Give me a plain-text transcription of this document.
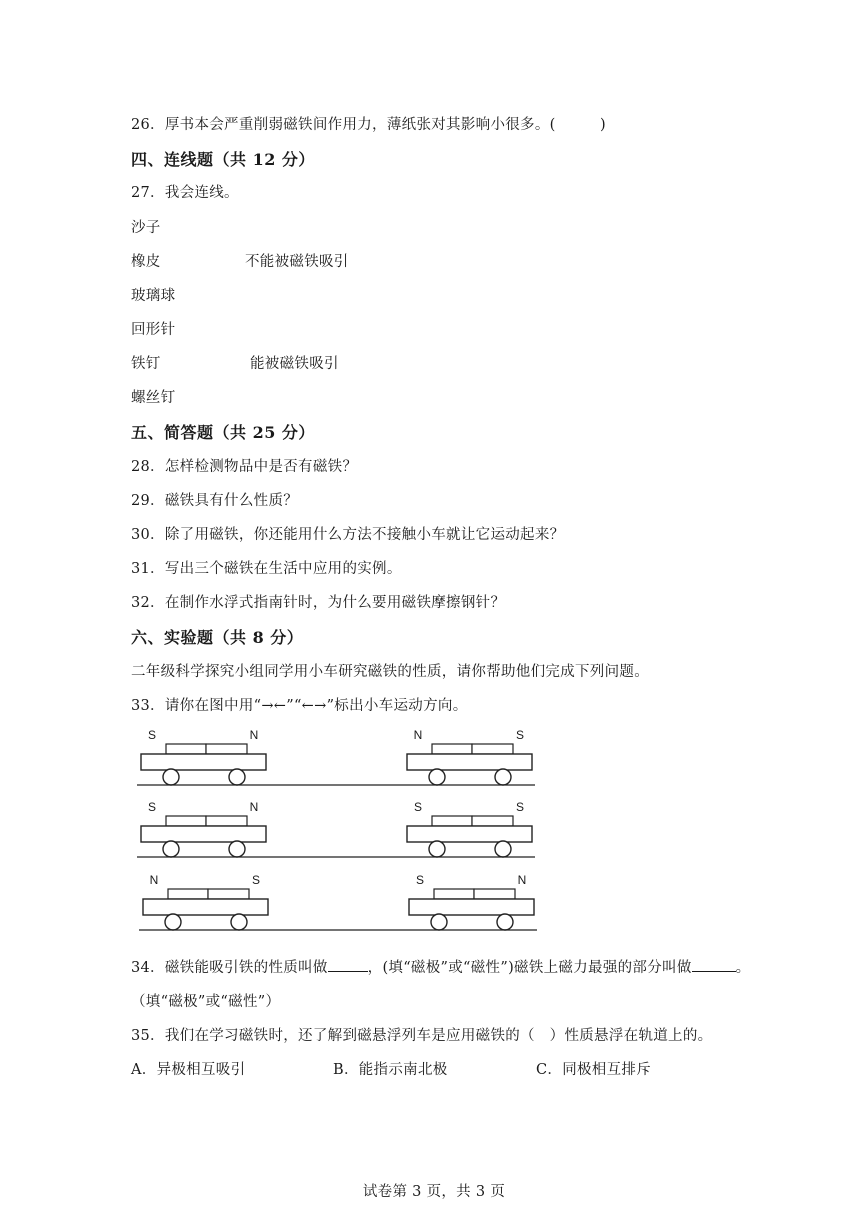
26．厚书本会严重削弱磁铁间作用力，薄纸张对其影响小很多。(　　　)
四、连线题（共 12 分）
27．我会连线。
沙子
橡皮	不能被磁铁吸引
玻璃球
回形针
铁钉	能被磁铁吸引
螺丝钉
五、简答题（共 25 分）
28．怎样检测物品中是否有磁铁？
29．磁铁具有什么性质？
30．除了用磁铁，你还能用什么方法不接触小车就让它运动起来？
31．写出三个磁铁在生活中应用的实例。
32．在制作水浮式指南针时，为什么要用磁铁摩擦钢针？
六、实验题（共 8 分）
二年级科学探究小组同学用小车研究磁铁的性质，请你帮助他们完成下列问题。
33．请你在图中用“→←”“←→”标出小车运动方向。
S	N	N	S
S	N	S	S
N	S	S	N
34．磁铁能吸引铁的性质叫做	，(填“磁极”或“磁性”)磁铁上磁力最强的部分叫做	。
（填“磁极”或“磁性”）
35．我们在学习磁铁时，还了解到磁悬浮列车是应用磁铁的（　）性质悬浮在轨道上的。
A．异极相互吸引	B．能指示南北极	C．同极相互排斥
试卷第 3 页，共 3 页
